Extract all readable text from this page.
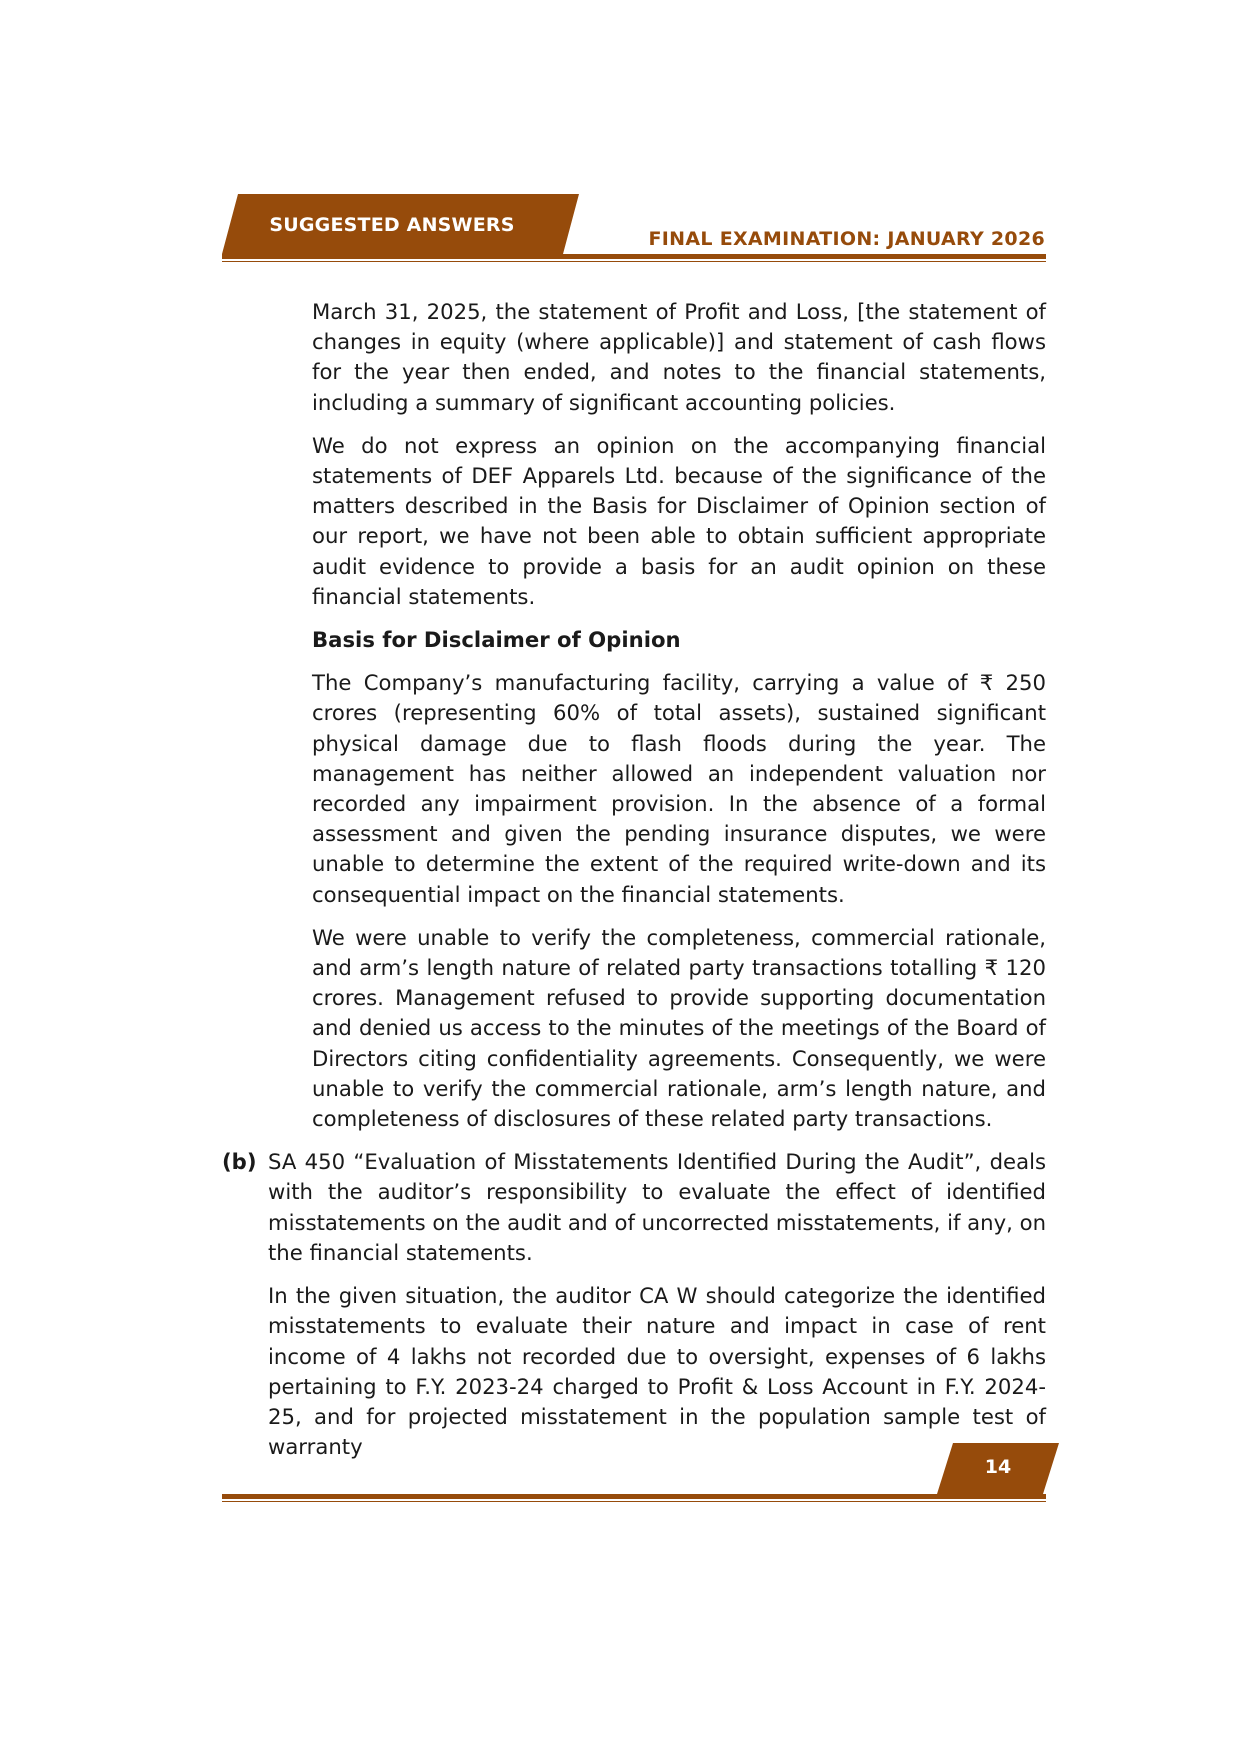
SUGGESTED ANSWERS
FINAL EXAMINATION: JANUARY 2026

March 31, 2025, the statement of Profit and Loss, [the statement of changes in equity (where applicable)] and statement of cash flows for the year then ended, and notes to the financial statements, including a summary of significant accounting policies.

We do not express an opinion on the accompanying financial statements of DEF Apparels Ltd. because of the significance of the matters described in the Basis for Disclaimer of Opinion section of our report, we have not been able to obtain sufficient appropriate audit evidence to provide a basis for an audit opinion on these financial statements.

Basis for Disclaimer of Opinion

The Company’s manufacturing facility, carrying a value of ₹ 250 crores (representing 60% of total assets), sustained significant physical damage due to flash floods during the year. The management has neither allowed an independent valuation nor recorded any impairment provision. In the absence of a formal assessment and given the pending insurance disputes, we were unable to determine the extent of the required write-down and its consequential impact on the financial statements.

We were unable to verify the completeness, commercial rationale, and arm’s length nature of related party transactions totalling ₹ 120 crores. Management refused to provide supporting documentation and denied us access to the minutes of the meetings of the Board of Directors citing confidentiality agreements. Consequently, we were unable to verify the commercial rationale, arm’s length nature, and completeness of disclosures of these related party transactions.

(b) SA 450 “Evaluation of Misstatements Identified During the Audit”, deals with the auditor’s responsibility to evaluate the effect of identified misstatements on the audit and of uncorrected misstatements, if any, on the financial statements.

In the given situation, the auditor CA W should categorize the identified misstatements to evaluate their nature and impact in case of rent income of 4 lakhs not recorded due to oversight, expenses of 6 lakhs pertaining to F.Y. 2023-24 charged to Profit & Loss Account in F.Y. 2024-25, and for projected misstatement in the population sample test of warranty

14
